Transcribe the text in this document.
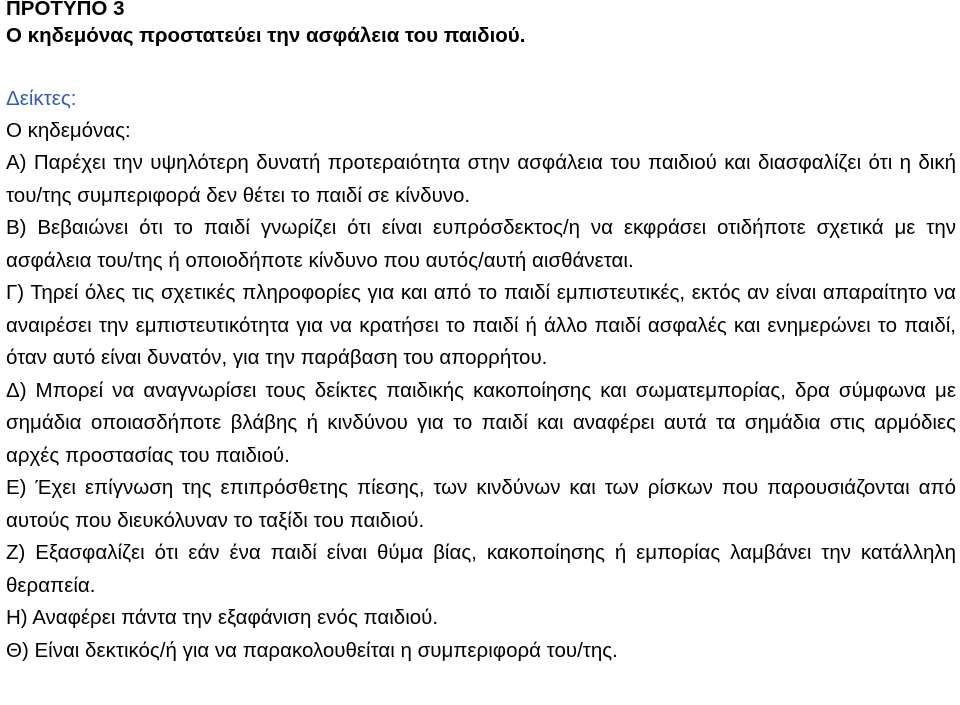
ΠΡΟΤΥΠΟ 3
Ο κηδεμόνας προστατεύει την ασφάλεια του παιδιού.
Δείκτες:
Ο κηδεμόνας:
Α) Παρέχει την υψηλότερη δυνατή προτεραιότητα στην ασφάλεια του παιδιού και διασφαλίζει ότι η δική του/της συμπεριφορά δεν θέτει το παιδί σε κίνδυνο.
Β) Βεβαιώνει ότι το παιδί γνωρίζει ότι είναι ευπρόσδεκτος/η να εκφράσει οτιδήποτε σχετικά με την ασφάλεια του/της ή οποιοδήποτε κίνδυνο που αυτός/αυτή αισθάνεται.
Γ) Τηρεί όλες τις σχετικές πληροφορίες για και από το παιδί εμπιστευτικές, εκτός αν είναι απαραίτητο να αναιρέσει την εμπιστευτικότητα για να κρατήσει το παιδί ή άλλο παιδί ασφαλές και ενημερώνει το παιδί, όταν αυτό είναι δυνατόν, για την παράβαση του απορρήτου.
Δ) Μπορεί να αναγνωρίσει τους δείκτες παιδικής κακοποίησης και σωματεμπορίας, δρα σύμφωνα με σημάδια οποιασδήποτε βλάβης ή κινδύνου για το παιδί και αναφέρει αυτά τα σημάδια στις αρμόδιες αρχές προστασίας του παιδιού.
Ε) Έχει επίγνωση της επιπρόσθετης πίεσης, των κινδύνων και των ρίσκων που παρουσιάζονται από αυτούς που διευκόλυναν το ταξίδι του παιδιού.
Ζ) Εξασφαλίζει ότι εάν ένα παιδί είναι θύμα βίας, κακοποίησης ή εμπορίας λαμβάνει την κατάλληλη θεραπεία.
Η) Αναφέρει πάντα την εξαφάνιση ενός παιδιού.
Θ) Είναι δεκτικός/ή για να παρακολουθείται η συμπεριφορά του/της.
